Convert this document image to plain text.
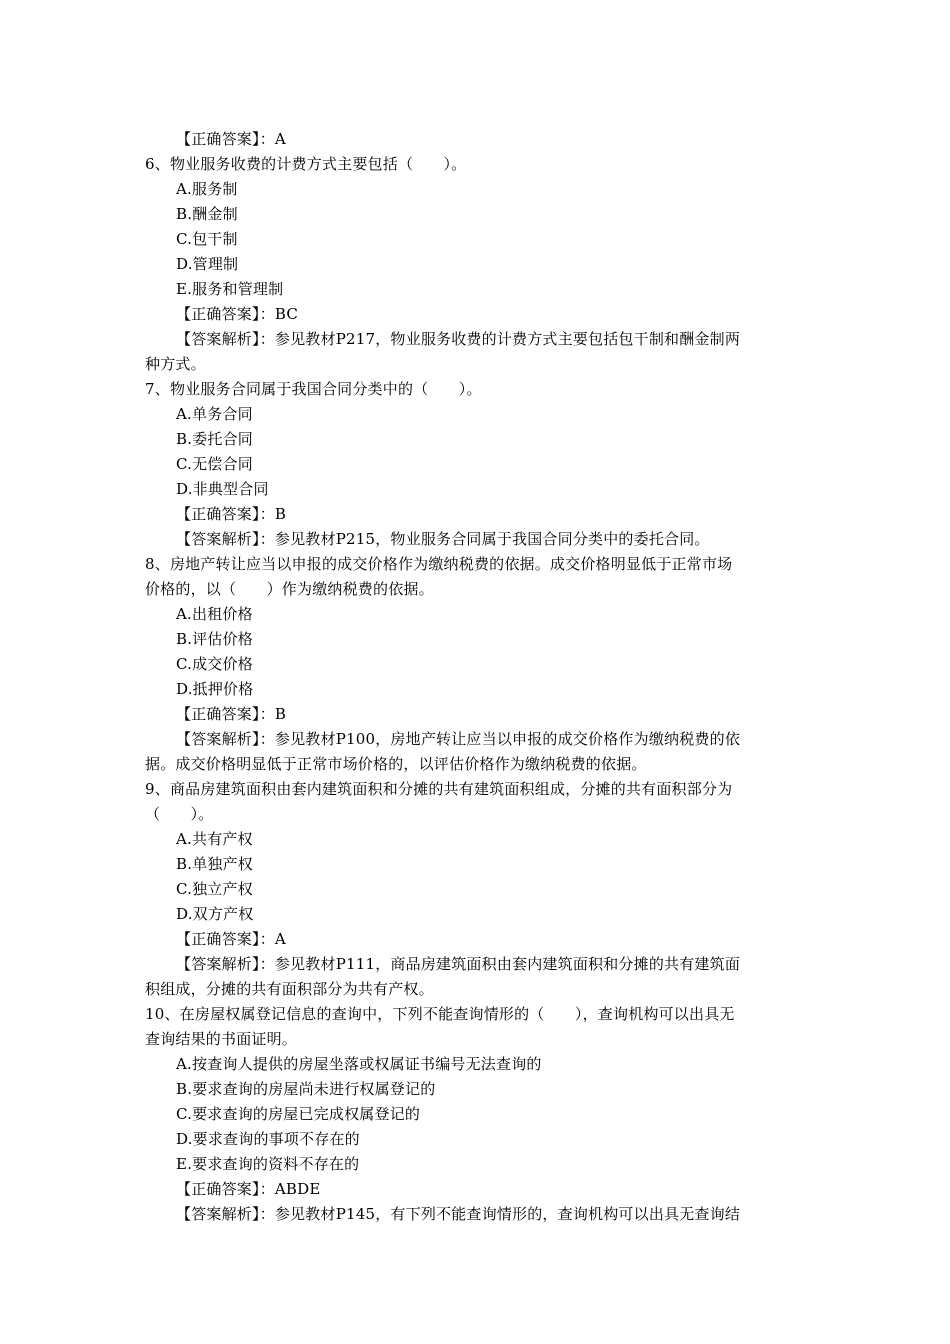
【正确答案】：A
6、物业服务收费的计费方式主要包括（　　）。
A.服务制
B.酬金制
C.包干制
D.管理制
E.服务和管理制
【正确答案】：BC
【答案解析】：参见教材P217，物业服务收费的计费方式主要包括包干制和酬金制两
种方式。
7、物业服务合同属于我国合同分类中的（　　）。
A.单务合同
B.委托合同
C.无偿合同
D.非典型合同
【正确答案】：B
【答案解析】：参见教材P215，物业服务合同属于我国合同分类中的委托合同。
8、房地产转让应当以申报的成交价格作为缴纳税费的依据。成交价格明显低于正常市场
价格的，以（　　）作为缴纳税费的依据。
A.出租价格
B.评估价格
C.成交价格
D.抵押价格
【正确答案】：B
【答案解析】：参见教材P100，房地产转让应当以申报的成交价格作为缴纳税费的依
据。成交价格明显低于正常市场价格的，以评估价格作为缴纳税费的依据。
9、商品房建筑面积由套内建筑面积和分摊的共有建筑面积组成，分摊的共有面积部分为
（　　）。
A.共有产权
B.单独产权
C.独立产权
D.双方产权
【正确答案】：A
【答案解析】：参见教材P111，商品房建筑面积由套内建筑面积和分摊的共有建筑面
积组成，分摊的共有面积部分为共有产权。
10、在房屋权属登记信息的查询中，下列不能查询情形的（　　），查询机构可以出具无
查询结果的书面证明。
A.按查询人提供的房屋坐落或权属证书编号无法查询的
B.要求查询的房屋尚未进行权属登记的
C.要求查询的房屋已完成权属登记的
D.要求查询的事项不存在的
E.要求查询的资料不存在的
【正确答案】：ABDE
【答案解析】：参见教材P145，有下列不能查询情形的，查询机构可以出具无查询结
